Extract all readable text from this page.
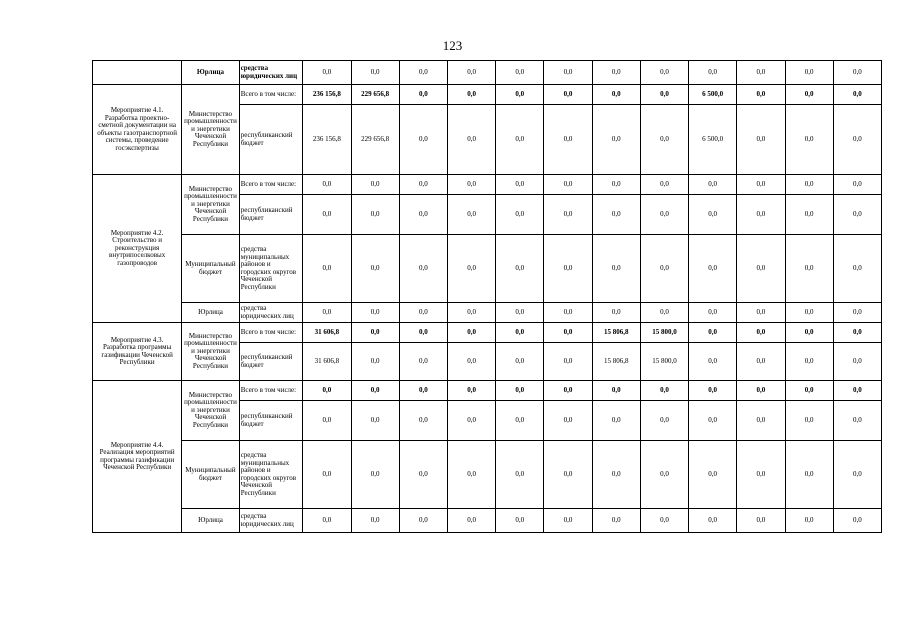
123
	Юрлица	средства юридических лиц	0,0	0,0	0,0	0,0	0,0	0,0	0,0	0,0	0,0	0,0	0,0	0,0
Мероприятие 4.1. Разработка проектно-сметной документации на объекты газотранспортной системы, проведение госэкспертизы	Министерство промышленности и энергетики Чеченской Республики	Всего в том числе:	236 156,8	229 656,8	0,0	0,0	0,0	0,0	0,0	0,0	6 500,0	0,0	0,0	0,0
		республиканский бюджет	236 156,8	229 656,8	0,0	0,0	0,0	0,0	0,0	0,0	6 500,0	0,0	0,0	0,0
Мероприятие 4.2. Строительство и реконструкция внутрипоселковых газопроводов	Министерство промышленности и энергетики Чеченской Республики	Всего в том числе:	0,0	0,0	0,0	0,0	0,0	0,0	0,0	0,0	0,0	0,0	0,0	0,0
		республиканский бюджет	0,0	0,0	0,0	0,0	0,0	0,0	0,0	0,0	0,0	0,0	0,0	0,0
	Муниципальный бюджет	средства муниципальных районов и городских округов Чеченской Республики	0,0	0,0	0,0	0,0	0,0	0,0	0,0	0,0	0,0	0,0	0,0	0,0
	Юрлица	средства юридических лиц	0,0	0,0	0,0	0,0	0,0	0,0	0,0	0,0	0,0	0,0	0,0	0,0
Мероприятие 4.3. Разработка программы газификации Чеченской Республики	Министерство промышленности и энергетики Чеченской Республики	Всего в том числе:	31 606,8	0,0	0,0	0,0	0,0	0,0	15 806,8	15 800,0	0,0	0,0	0,0	0,0
		республиканский бюджет	31 606,8	0,0	0,0	0,0	0,0	0,0	15 806,8	15 800,0	0,0	0,0	0,0	0,0
Мероприятие 4.4. Реализация мероприятий программы газификации Чеченской Республики	Министерство промышленности и энергетики Чеченской Республики	Всего в том числе:	0,0	0,0	0,0	0,0	0,0	0,0	0,0	0,0	0,0	0,0	0,0	0,0
		республиканский бюджет	0,0	0,0	0,0	0,0	0,0	0,0	0,0	0,0	0,0	0,0	0,0	0,0
	Муниципальный бюджет	средства муниципальных районов и городских округов Чеченской Республики	0,0	0,0	0,0	0,0	0,0	0,0	0,0	0,0	0,0	0,0	0,0	0,0
	Юрлица	средства юридических лиц	0,0	0,0	0,0	0,0	0,0	0,0	0,0	0,0	0,0	0,0	0,0	0,0
